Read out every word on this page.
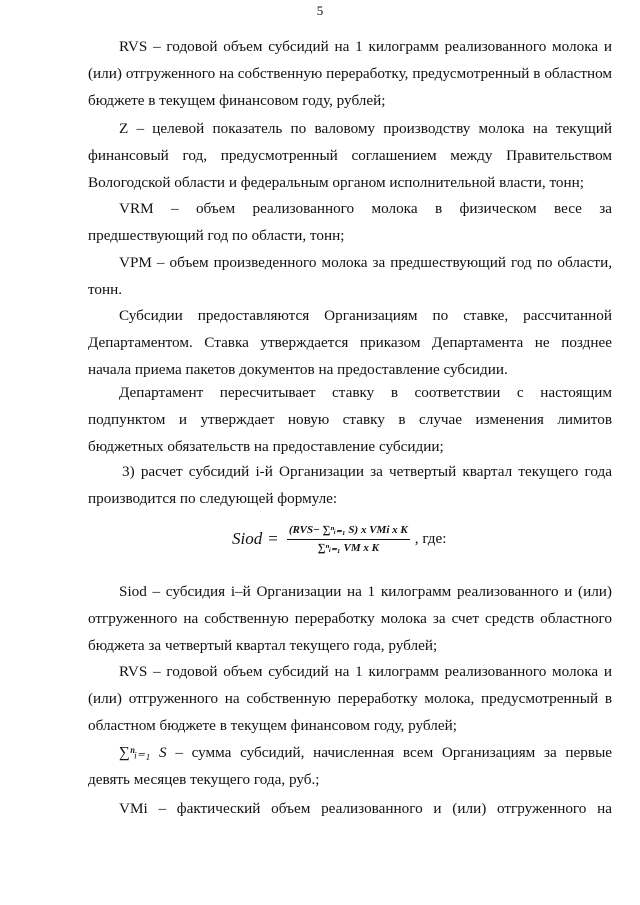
5

RVS – годовой объем субсидий на 1 килограмм реализованного молока и (или) отгруженного на собственную переработку, предусмотренный в областном бюджете в текущем финансовом году, рублей;

Z – целевой показатель по валовому производству молока на текущий финансовый год, предусмотренный соглашением между Правительством Вологодской области и федеральным органом исполнительной власти, тонн;

VRM – объем реализованного молока в физическом весе за предшествующий год по области, тонн;

VPM – объем произведенного молока за предшествующий год по области, тонн.

Субсидии предоставляются Организациям по ставке, рассчитанной Департаментом. Ставка утверждается приказом Департамента не позднее начала приема пакетов документов на предоставление субсидии.

Департамент пересчитывает ставку в соответствии с настоящим подпунктом и утверждает новую ставку в случае изменения лимитов бюджетных обязательств на предоставление субсидии;

3) расчет субсидий i-й Организации за четвертый квартал текущего года производится по следующей формуле:

Siod = $\frac{\text{(RVS− ∑ⁿᵢ₌₁ S) x VMi x K}}{\text{∑ⁿᵢ₌₁ VM x K}}$ , где:

Siod – субсидия i–й Организации на 1 килограмм реализованного и (или) отгруженного на собственную переработку молока за счет средств областного бюджета за четвертый квартал текущего года, рублей;

RVS – годовой объем субсидий на 1 килограмм реализованного молока и (или) отгруженного на собственную переработку молока, предусмотренный в областном бюджете в текущем финансовом году, рублей;

∑ⁿᵢ₌₁ S – сумма субсидий, начисленная всем Организациям за первые девять месяцев текущего года, руб.;

VMi – фактический объем реализованного и (или) отгруженного на
